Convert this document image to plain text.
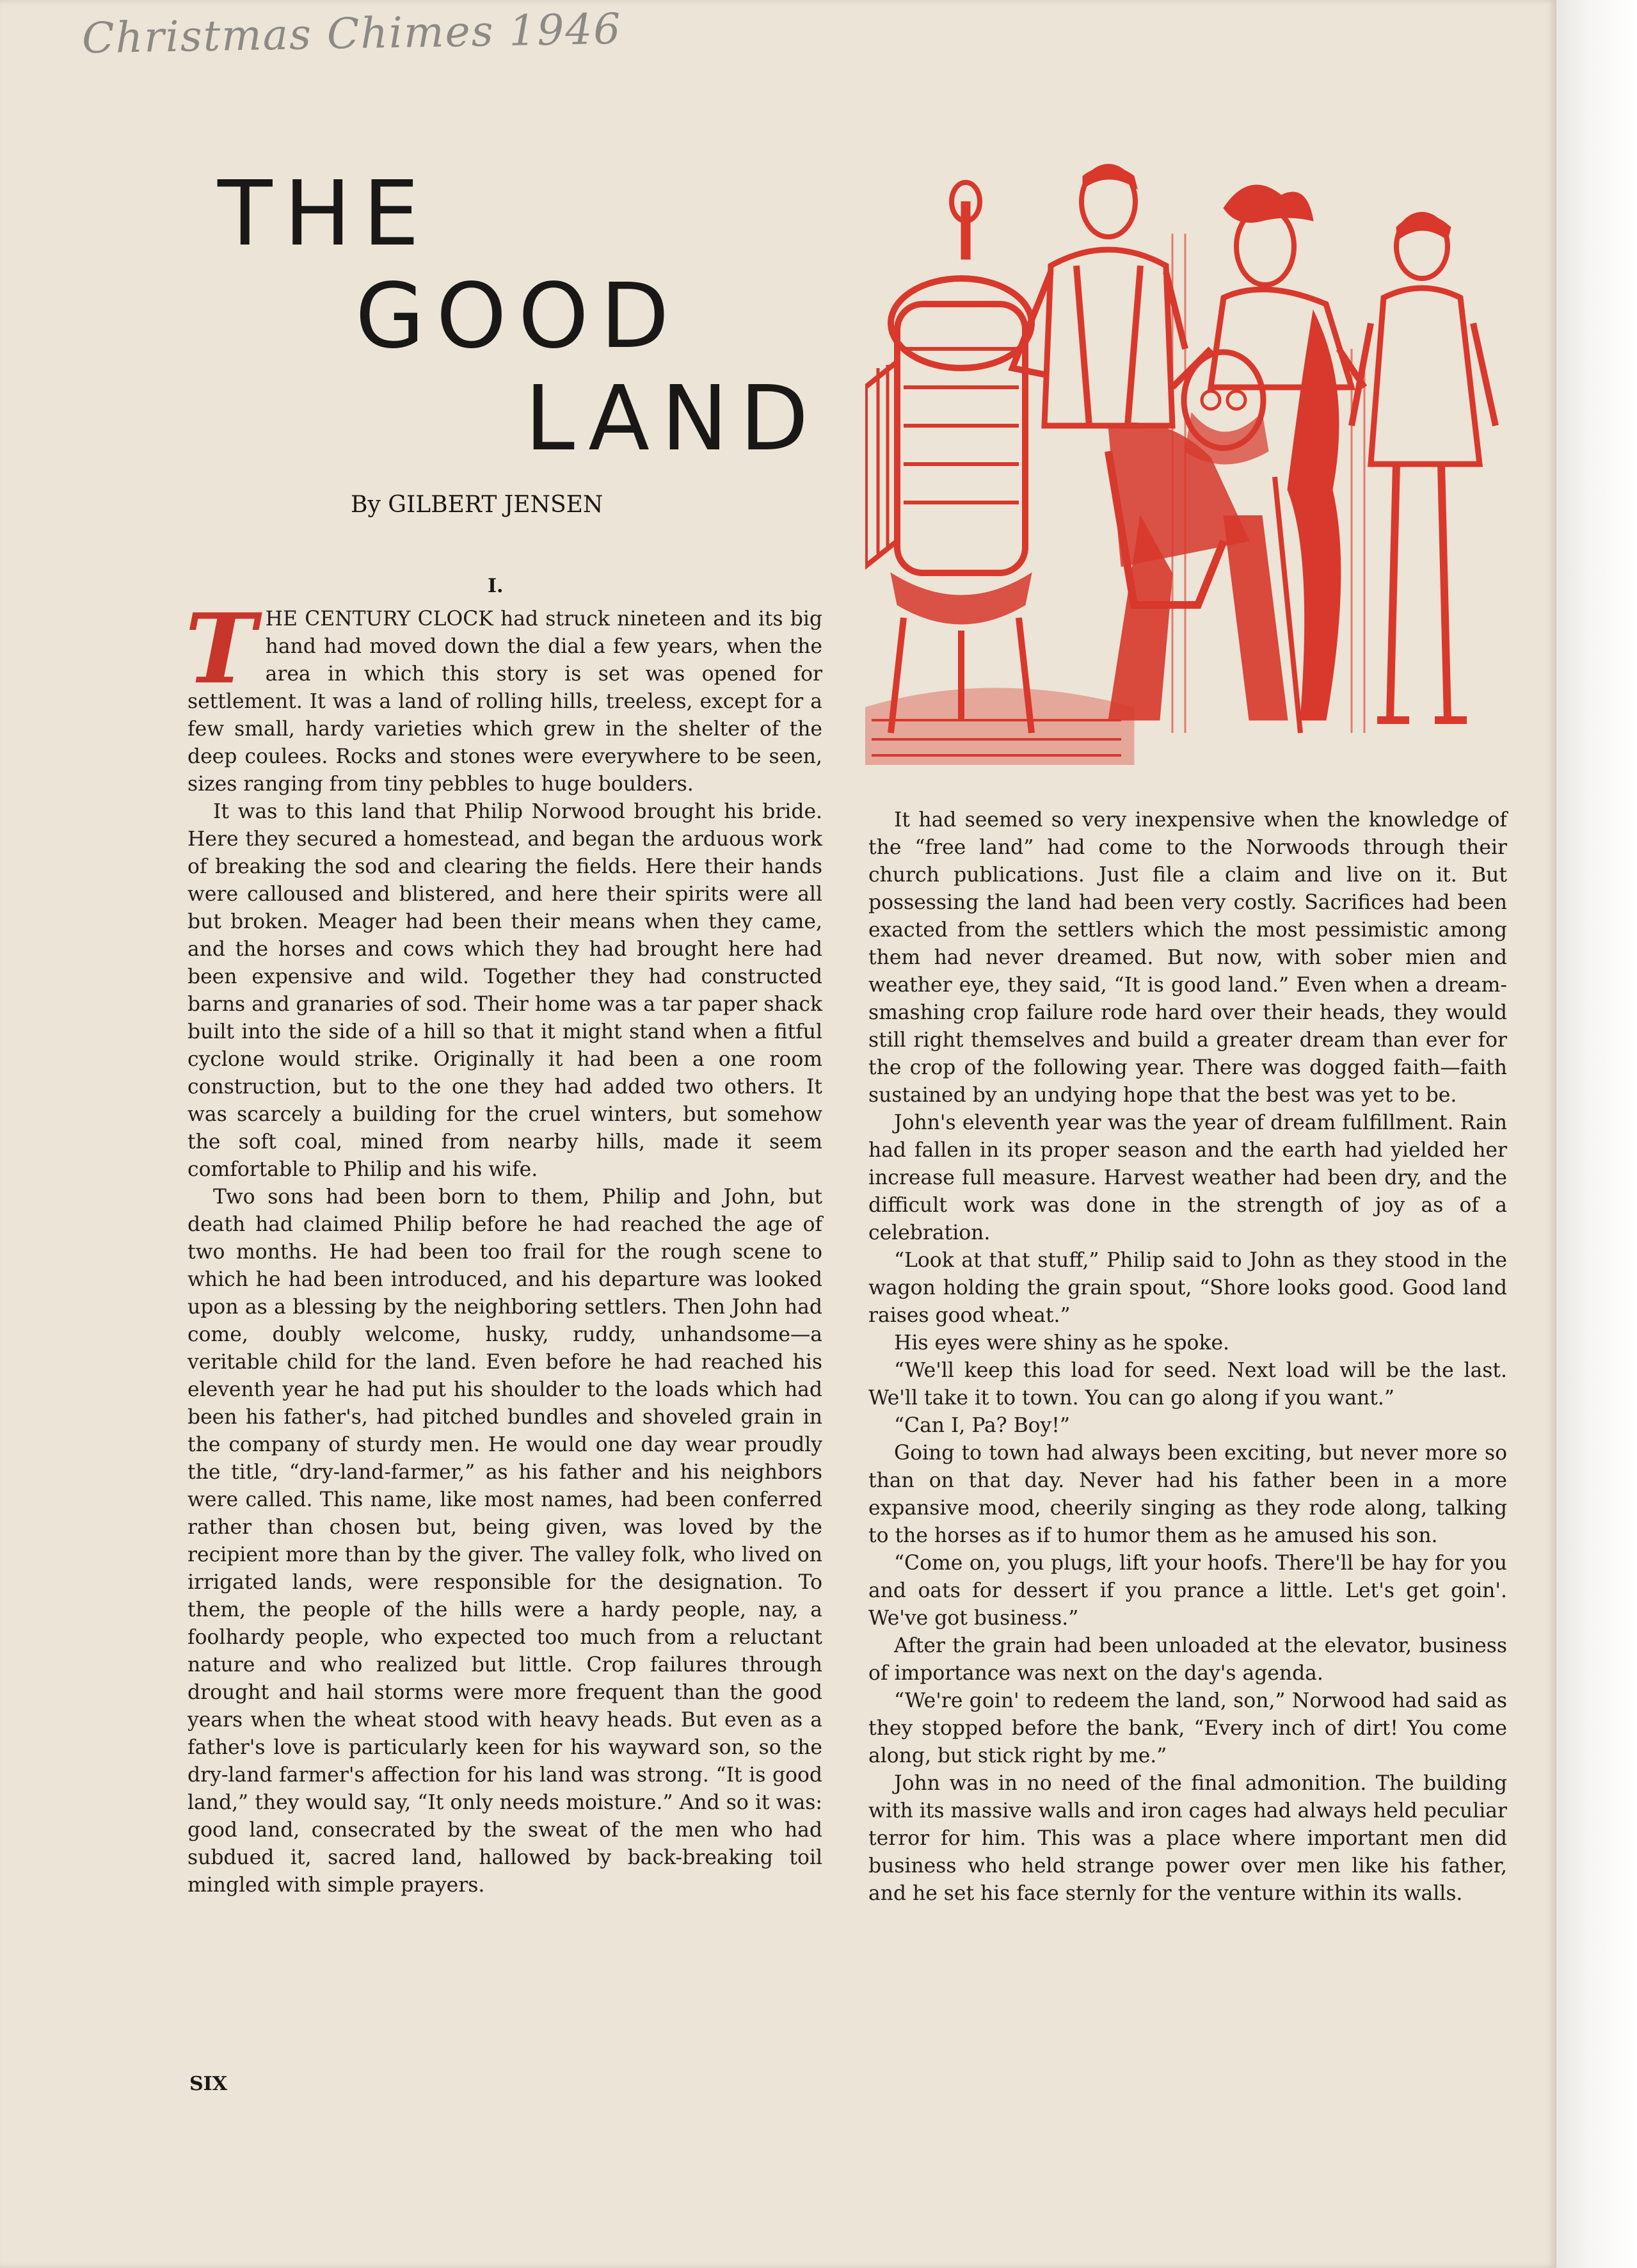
Christmas Chimes 1946
THE
GOOD
LAND
By GILBERT JENSEN
I.

THE CENTURY CLOCK had struck nineteen and its big hand had moved down the dial a few years, when the area in which this story is set was opened for settlement. It was a land of rolling hills, treeless, except for a few small, hardy varieties which grew in the shelter of the deep coulees. Rocks and stones were everywhere to be seen, sizes ranging from tiny pebbles to huge boulders.

It was to this land that Philip Norwood brought his bride. Here they secured a homestead, and began the arduous work of breaking the sod and clearing the fields. Here their hands were calloused and blistered, and here their spirits were all but broken. Meager had been their means when they came, and the horses and cows which they had brought here had been expensive and wild. Together they had constructed barns and granaries of sod. Their home was a tar paper shack built into the side of a hill so that it might stand when a fitful cyclone would strike. Originally it had been a one room construction, but to the one they had added two others. It was scarcely a building for the cruel winters, but somehow the soft coal, mined from nearby hills, made it seem comfortable to Philip and his wife.

Two sons had been born to them, Philip and John, but death had claimed Philip before he had reached the age of two months. He had been too frail for the rough scene to which he had been introduced, and his departure was looked upon as a blessing by the neighboring settlers. Then John had come, doubly welcome, husky, ruddy, unhandsome—a veritable child for the land. Even before he had reached his eleventh year he had put his shoulder to the loads which had been his father's, had pitched bundles and shoveled grain in the company of sturdy men. He would one day wear proudly the title, “dry-land-farmer,” as his father and his neighbors were called. This name, like most names, had been conferred rather than chosen but, being given, was loved by the recipient more than by the giver. The valley folk, who lived on irrigated lands, were responsible for the designation. To them, the people of the hills were a hardy people, nay, a foolhardy people, who expected too much from a reluctant nature and who realized but little. Crop failures through drought and hail storms were more frequent than the good years when the wheat stood with heavy heads. But even as a father's love is particularly keen for his wayward son, so the dry-land farmer's affection for his land was strong. “It is good land,” they would say, “It only needs moisture.” And so it was: good land, consecrated by the sweat of the men who had subdued it, sacred land, hallowed by back-breaking toil mingled with simple prayers.

It had seemed so very inexpensive when the knowledge of the “free land” had come to the Norwoods through their church publications. Just file a claim and live on it. But possessing the land had been very costly. Sacrifices had been exacted from the settlers which the most pessimistic among them had never dreamed. But now, with sober mien and weather eye, they said, “It is good land.” Even when a dream-smashing crop failure rode hard over their heads, they would still right themselves and build a greater dream than ever for the crop of the following year. There was dogged faith—faith sustained by an undying hope that the best was yet to be.

John's eleventh year was the year of dream fulfillment. Rain had fallen in its proper season and the earth had yielded her increase full measure. Harvest weather had been dry, and the difficult work was done in the strength of joy as of a celebration.

“Look at that stuff,” Philip said to John as they stood in the wagon holding the grain spout, “Shore looks good. Good land raises good wheat.”

His eyes were shiny as he spoke.

“We'll keep this load for seed. Next load will be the last. We'll take it to town. You can go along if you want.”

“Can I, Pa? Boy!”

Going to town had always been exciting, but never more so than on that day. Never had his father been in a more expansive mood, cheerily singing as they rode along, talking to the horses as if to humor them as he amused his son.

“Come on, you plugs, lift your hoofs. There'll be hay for you and oats for dessert if you prance a little. Let's get goin'. We've got business.”

After the grain had been unloaded at the elevator, business of importance was next on the day's agenda.

“We're goin' to redeem the land, son,” Norwood had said as they stopped before the bank, “Every inch of dirt! You come along, but stick right by me.”

John was in no need of the final admonition. The building with its massive walls and iron cages had always held peculiar terror for him. This was a place where important men did business who held strange power over men like his father, and he set his face sternly for the venture within its walls.

SIX
